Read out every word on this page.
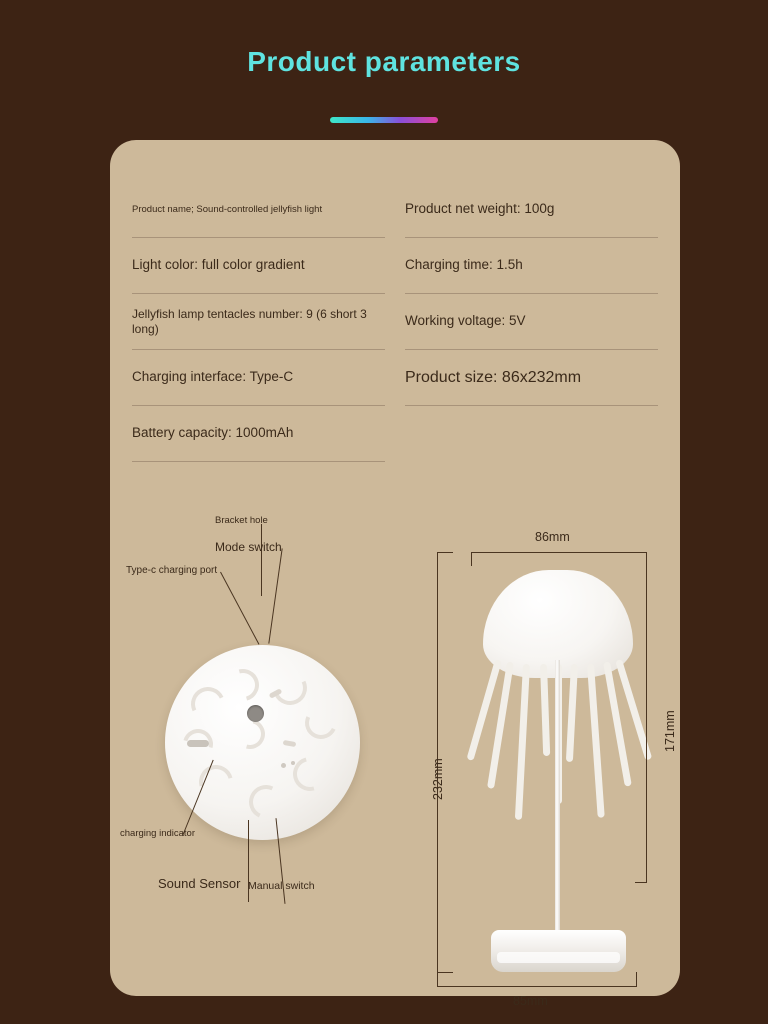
Product parameters
Product name; Sound-controlled jellyfish light
Light color: full color gradient
Jellyfish lamp tentacles number: 9 (6 short 3 long)
Charging interface: Type-C
Battery capacity: 1000mAh
Product net weight: 100g
Charging time: 1.5h
Working voltage: 5V
Product size: 86x232mm
Bracket hole
Mode switch
Type-c charging port
charging indicator
Sound Sensor Manual switch
86mm
171mm
232mm
85mm
